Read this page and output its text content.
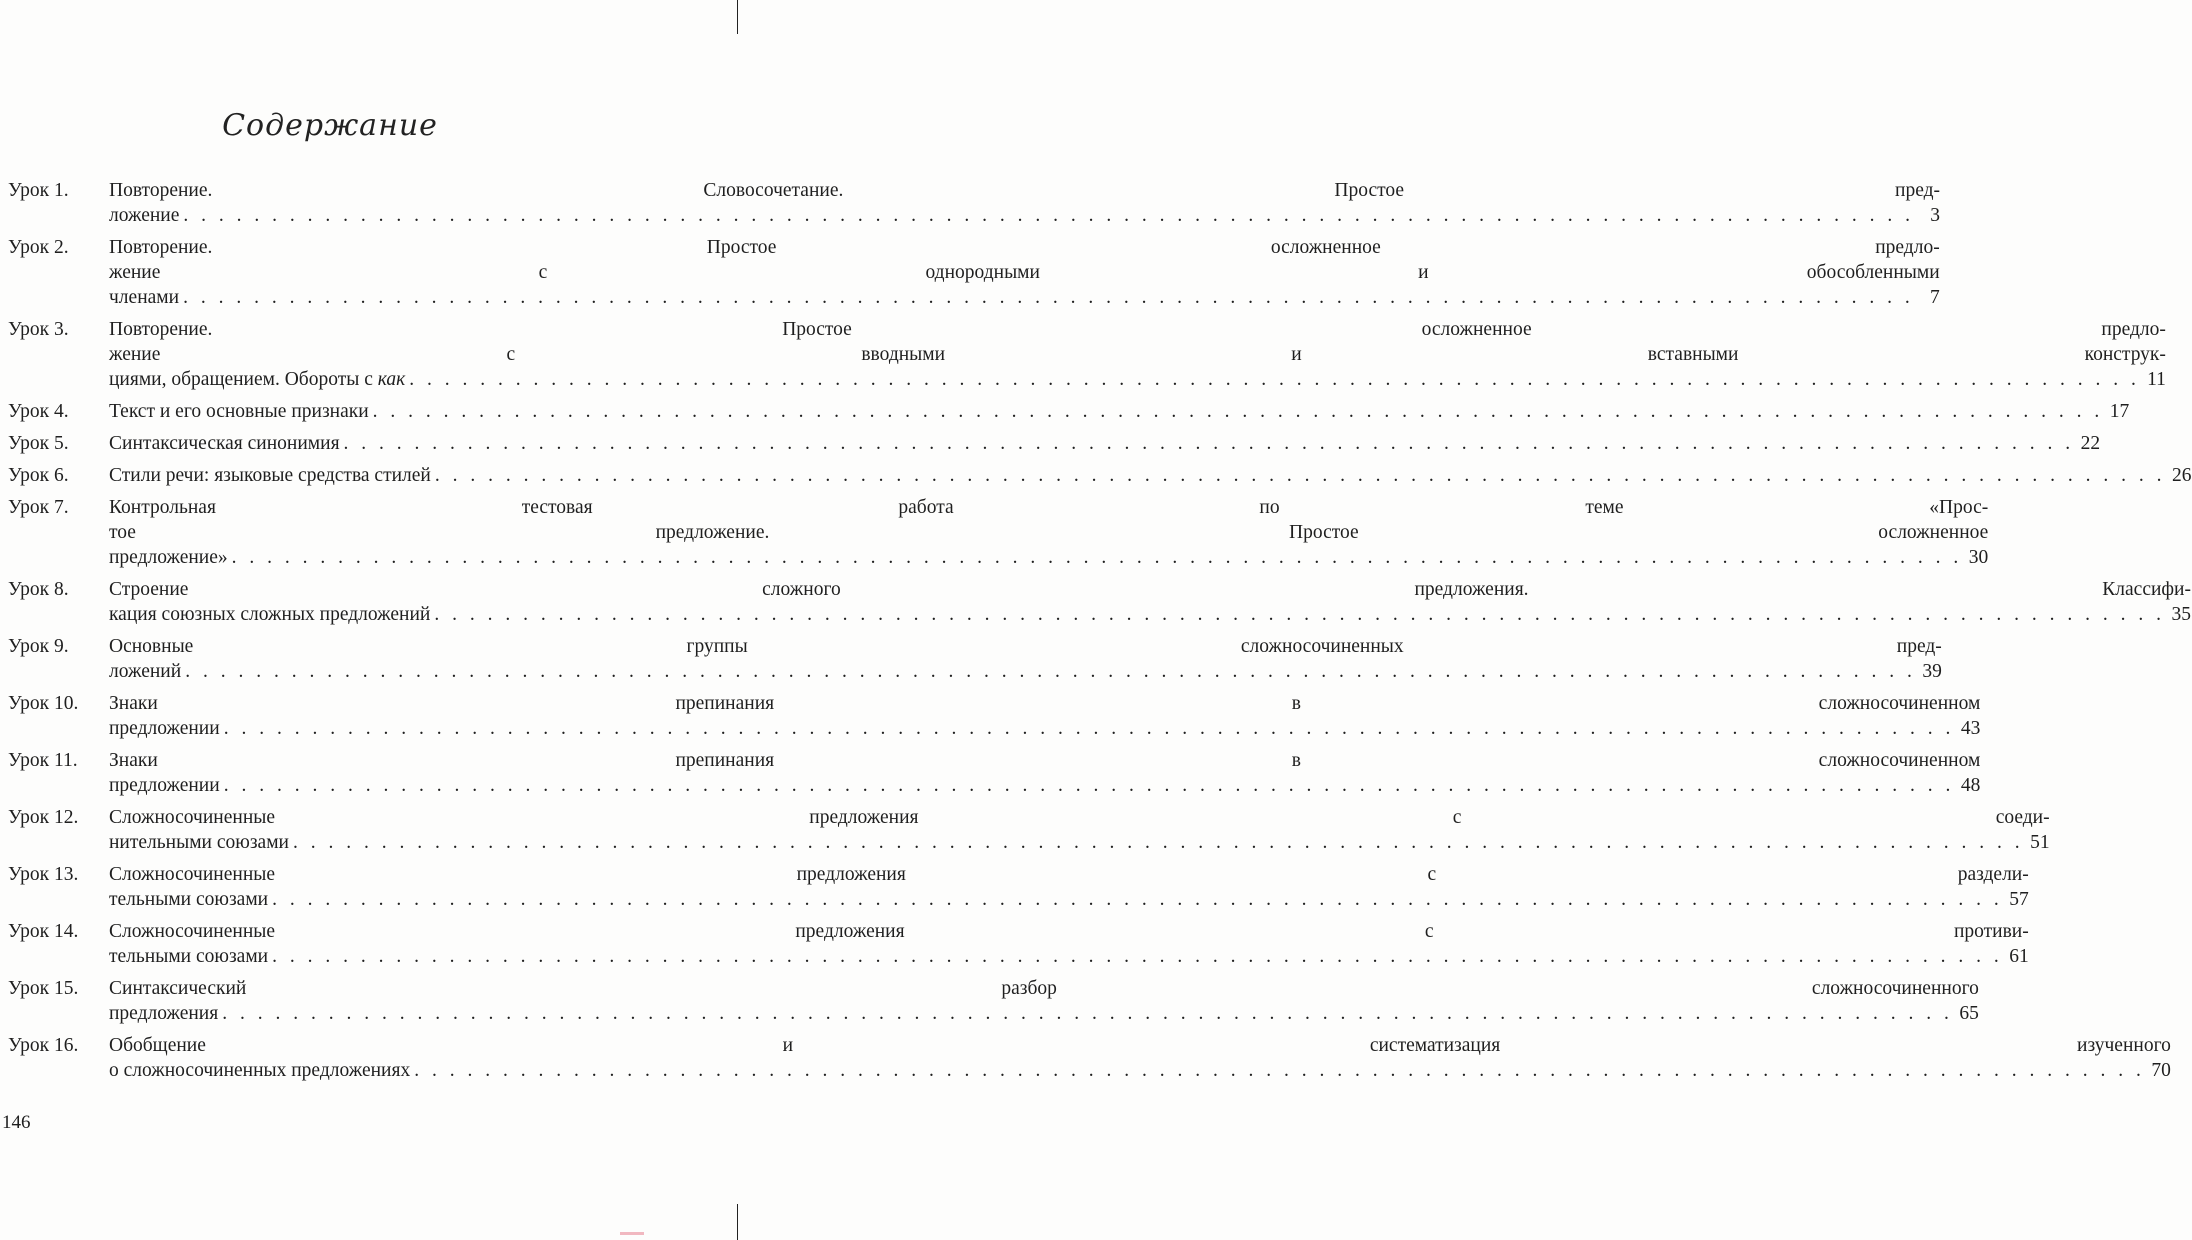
Содержание
Урок 1.	Повторение. Словосочетание. Простое пред-
ложение . . .	3
Урок 2.	Повторение. Простое осложненное предло-
жение с однородными и обособленными
членами . . .	7
Урок 3.	Повторение. Простое осложненное предло-
жение с вводными и вставными конструк-
циями, обращением. Обороты с
как . . .	11
Урок 4.	Текст и его основные признаки . . .	17
Урок 5.	Синтаксическая синонимия . . .	22
Урок 6.	Стили речи: языковые средства стилей . . .	26
Урок 7.	Контрольная тестовая работа по теме «Прос-
тое предложение. Простое осложненное
предложение» . . .	30
Урок 8.	Строение сложного предложения. Классифи-
кация союзных сложных предложений . . .	35
Урок 9.	Основные группы сложносочиненных пред-
ложений . . .	39
Урок 10.	Знаки препинания в сложносочиненном
предложении . . .	43
Урок 11.	Знаки препинания в сложносочиненном
предложении . . .	48
Урок 12.	Сложносочиненные предложения с соеди-
нительными союзами . . .	51
Урок 13.	Сложносочиненные предложения с раздели-
тельными союзами . . .	57
Урок 14.	Сложносочиненные предложения с противи-
тельными союзами . . .	61
Урок 15.	Синтаксический разбор сложносочиненного
предложения . . .	65
Урок 16.	Обобщение и систематизация изученного
о сложносочиненных предложениях . . .	70
146
